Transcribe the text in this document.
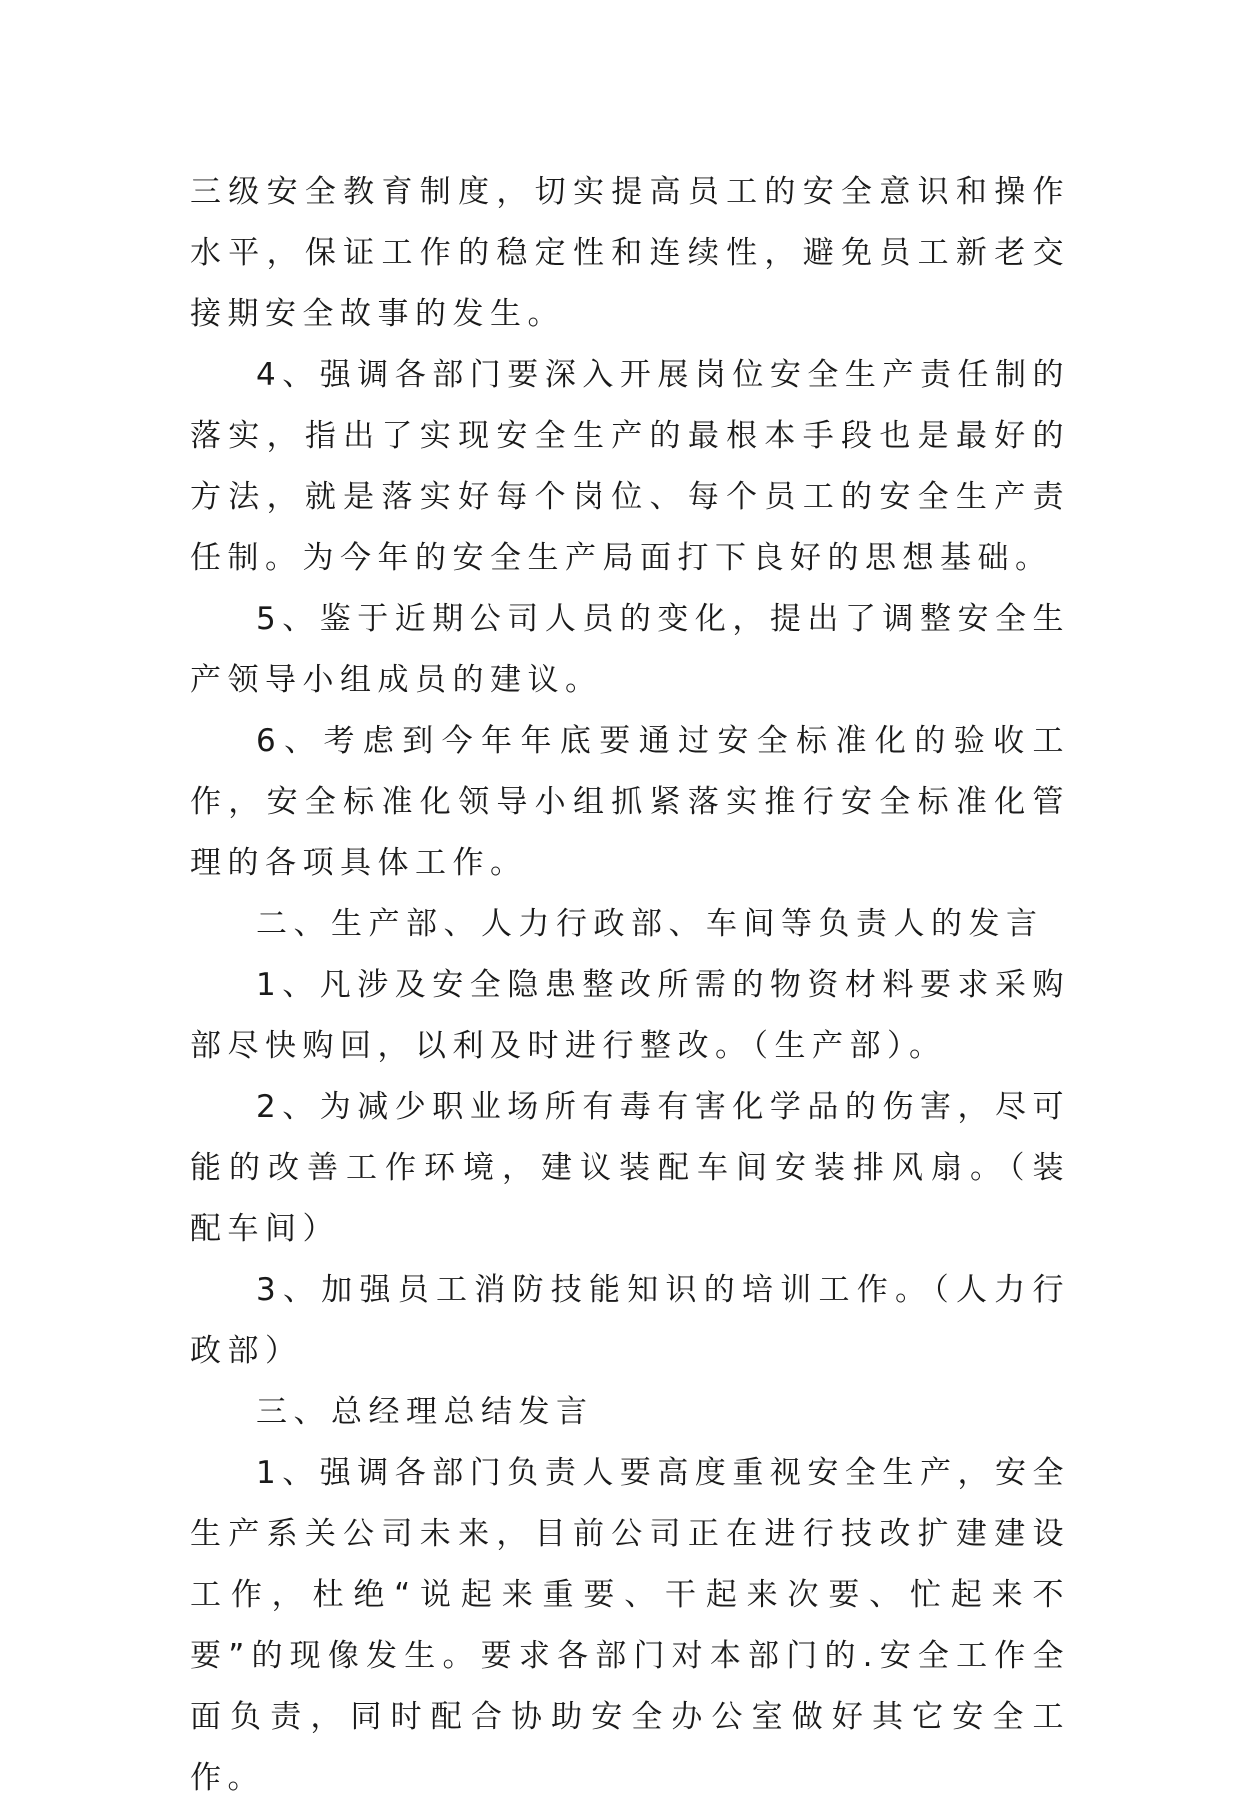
三级安全教育制度，切实提高员工的安全意识和操作水平，保证工作的稳定性和连续性，避免员工新老交接期安全故事的发生。

4、强调各部门要深入开展岗位安全生产责任制的落实，指出了实现安全生产的最根本手段也是最好的方法，就是落实好每个岗位、每个员工的安全生产责任制。为今年的安全生产局面打下良好的思想基础。

5、鉴于近期公司人员的变化，提出了调整安全生产领导小组成员的建议。

6、考虑到今年年底要通过安全标准化的验收工作，安全标准化领导小组抓紧落实推行安全标准化管理的各项具体工作。

二、生产部、人力行政部、车间等负责人的发言

1、凡涉及安全隐患整改所需的物资材料要求采购部尽快购回，以利及时进行整改。（生产部）。

2、为减少职业场所有毒有害化学品的伤害，尽可能的改善工作环境，建议装配车间安装排风扇。（装配车间）

3、加强员工消防技能知识的培训工作。（人力行政部）

三、总经理总结发言

1、强调各部门负责人要高度重视安全生产，安全生产系关公司未来，目前公司正在进行技改扩建建设工作，杜绝“说起来重要、干起来次要、忙起来不要”的现像发生。要求各部门对本部门的.安全工作全面负责，同时配合协助安全办公室做好其它安全工作。
